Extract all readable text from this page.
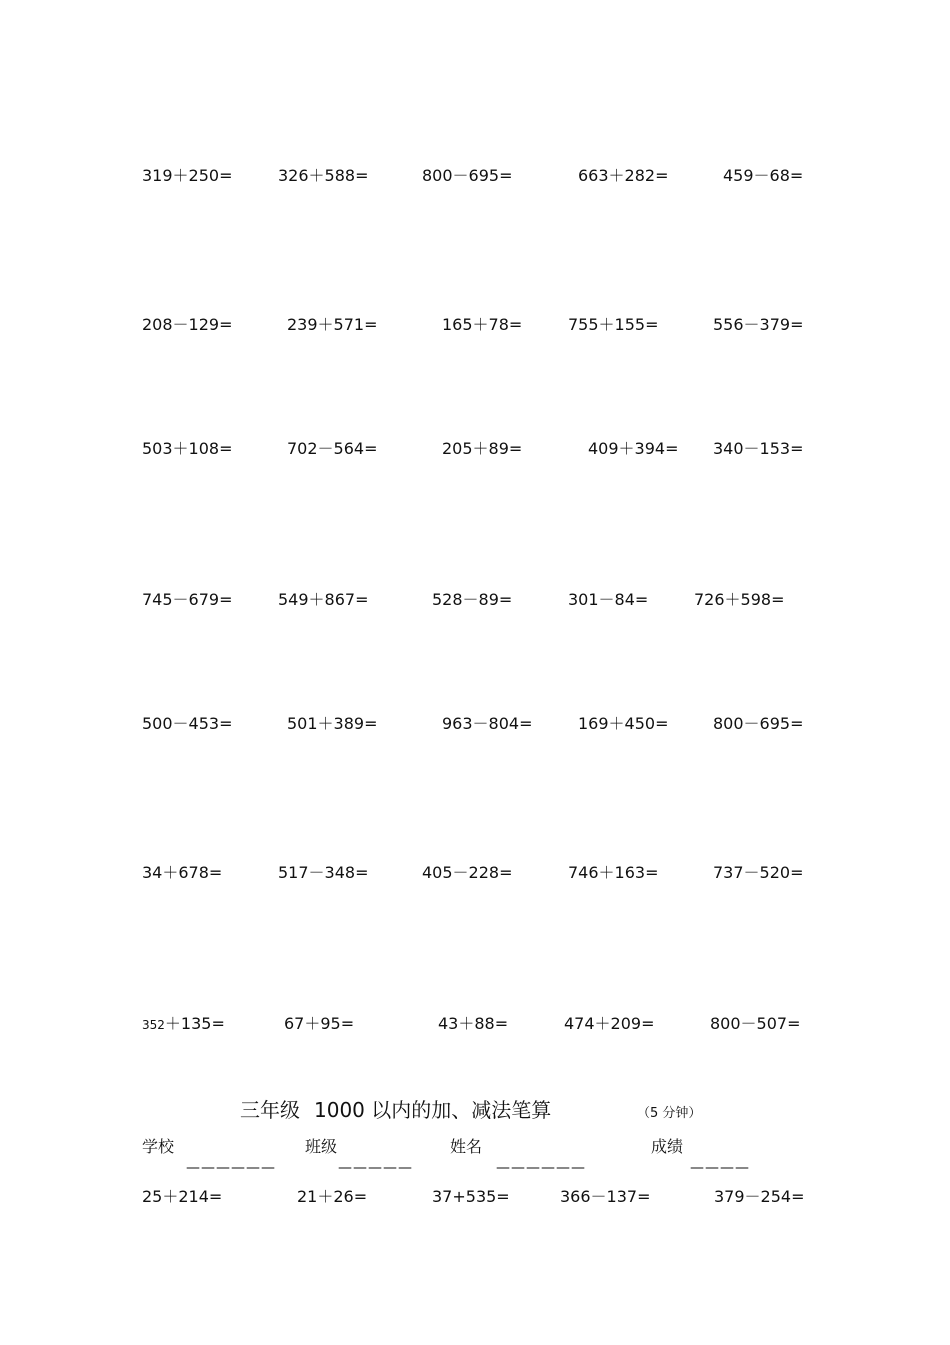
319＋250=	326＋588=	800－695=	663＋282=	459－68=
208－129=	239＋571=	165＋78=	755＋155=	556－379=
503＋108=	702－564=	205＋89=	409＋394= 340－153=
745－679=	549＋867=	528－89=	301－84=	726＋598=
500－453=	501＋389=	963－804=	169＋450=	800－695=
34＋678=	517－348=	405－228=	746＋163=	737－520=
352＋135=	67＋95=	43＋88=	474＋209=	800－507=
三年级 1000 以内的加、减法笔算	（5 分钟）
学校	班级	姓名	成绩
——————	—————	——————	————
25＋214=	21＋26=	37+535=	366－137=	379－254=
